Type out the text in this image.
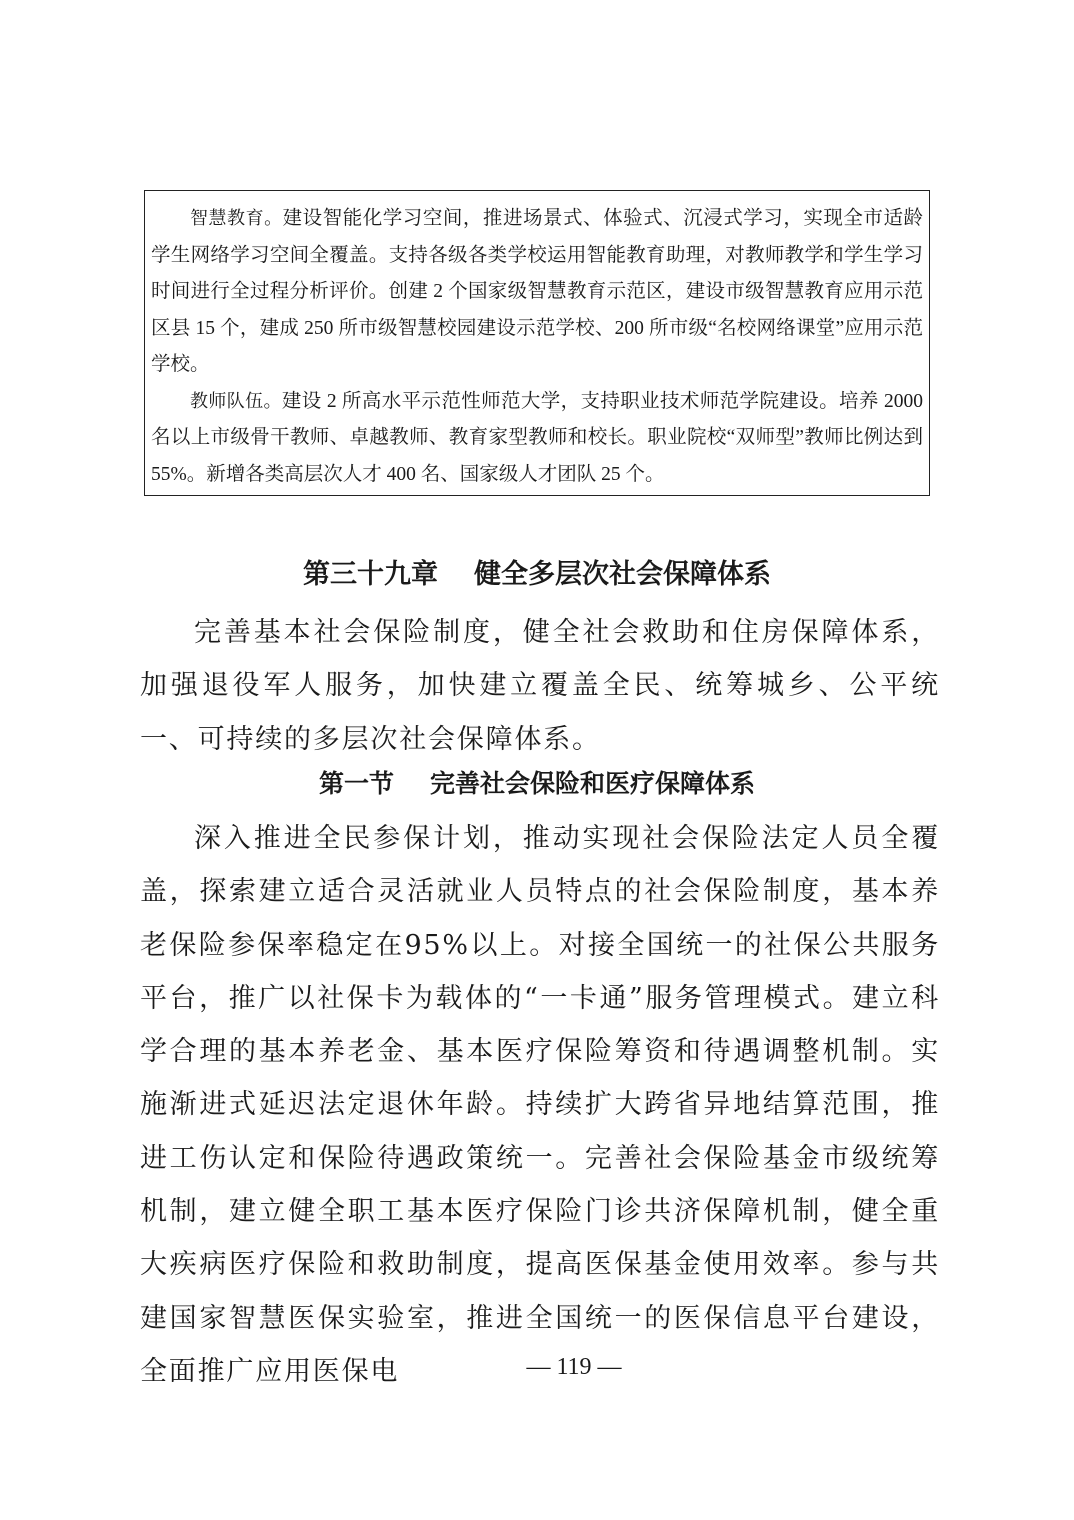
智慧教育。建设智能化学习空间，推进场景式、体验式、沉浸式学习，实现全市适龄学生网络学习空间全覆盖。支持各级各类学校运用智能教育助理，对教师教学和学生学习时间进行全过程分析评价。创建 2 个国家级智慧教育示范区，建设市级智慧教育应用示范区县 15 个，建成 250 所市级智慧校园建设示范学校、200 所市级“名校网络课堂”应用示范学校。

教师队伍。建设 2 所高水平示范性师范大学，支持职业技术师范学院建设。培养 2000 名以上市级骨干教师、卓越教师、教育家型教师和校长。职业院校“双师型”教师比例达到 55%。新增各类高层次人才 400 名、国家级人才团队 25 个。

第三十九章 健全多层次社会保障体系

完善基本社会保险制度，健全社会救助和住房保障体系，加强退役军人服务，加快建立覆盖全民、统筹城乡、公平统一、可持续的多层次社会保障体系。

第一节 完善社会保险和医疗保障体系

深入推进全民参保计划，推动实现社会保险法定人员全覆盖，探索建立适合灵活就业人员特点的社会保险制度，基本养老保险参保率稳定在95%以上。对接全国统一的社保公共服务平台，推广以社保卡为载体的“一卡通”服务管理模式。建立科学合理的基本养老金、基本医疗保险筹资和待遇调整机制。实施渐进式延迟法定退休年龄。持续扩大跨省异地结算范围，推进工伤认定和保险待遇政策统一。完善社会保险基金市级统筹机制，建立健全职工基本医疗保险门诊共济保障机制，健全重大疾病医疗保险和救助制度，提高医保基金使用效率。参与共建国家智慧医保实验室，推进全国统一的医保信息平台建设，全面推广应用医保电	— 119 —
